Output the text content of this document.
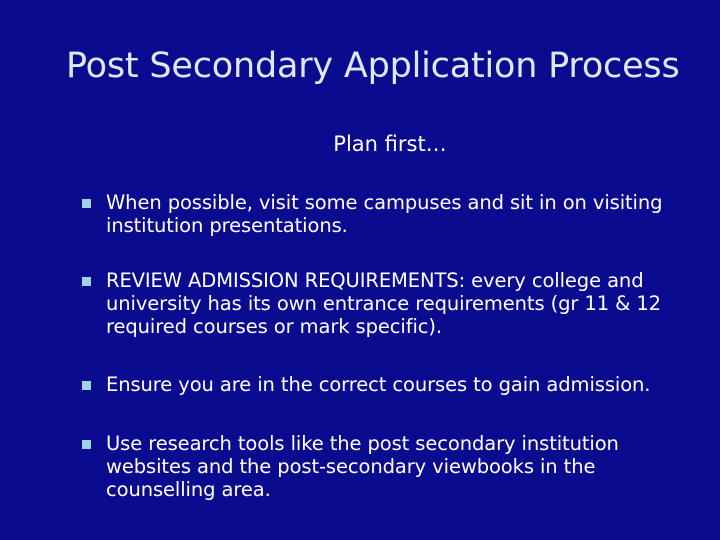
Post Secondary Application Process
Plan first…
When possible, visit some campuses and sit in on visiting institution presentations.
REVIEW ADMISSION REQUIREMENTS: every college and university has its own entrance requirements (gr 11 & 12 required courses or mark specific).
Ensure you are in the correct courses to gain admission.
Use research tools like the post secondary institution websites and the post-secondary viewbooks in the counselling area.
